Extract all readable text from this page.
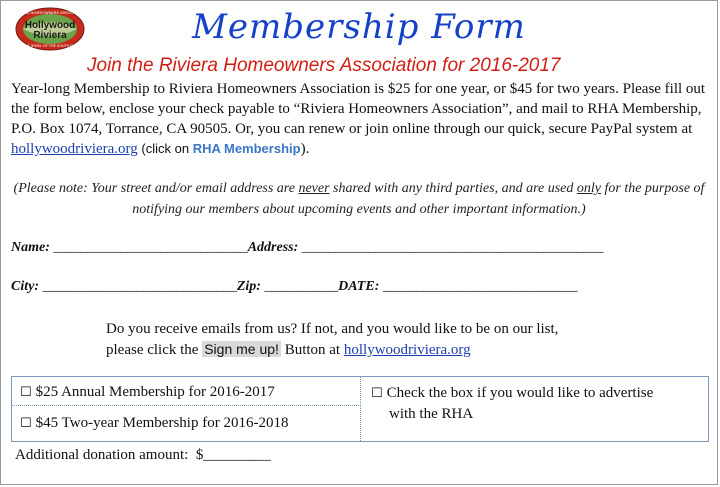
RIVIERA HOMEOWNERS ASSOCIATION
Hollywood
Riviera
THE JEWEL OF THE SOUTH BAY	Membership Form
Join the Riviera Homeowners Association for 2016-2017
Year-long Membership to Riviera Homeowners Association is $25 for one year, or $45 for two years. Please fill out the form below, enclose your check payable to “Riviera Homeowners Association”, and mail to RHA Membership, P.O. Box 1074, Torrance, CA 90505. Or, you can renew or join online through our quick, secure PayPal system at hollywoodriviera.org (click on RHA Membership).
(Please note: Your street and/or email address are never shared with any third parties, and are used only for the purpose of notifying our members about upcoming events and other important information.)
Name: _____________________________Address: _____________________________________________
City: _____________________________Zip: ___________DATE: _____________________________
Do you receive emails from us? If not, and you would like to be on our list,
please click the Sign me up! Button at hollywoodriviera.org
☐ $25 Annual Membership for 2016-2017
☐ $45 Two-year Membership for 2016-2018
☐ Check the box if you would like to advertise
with the RHA
Additional donation amount:  $_________
